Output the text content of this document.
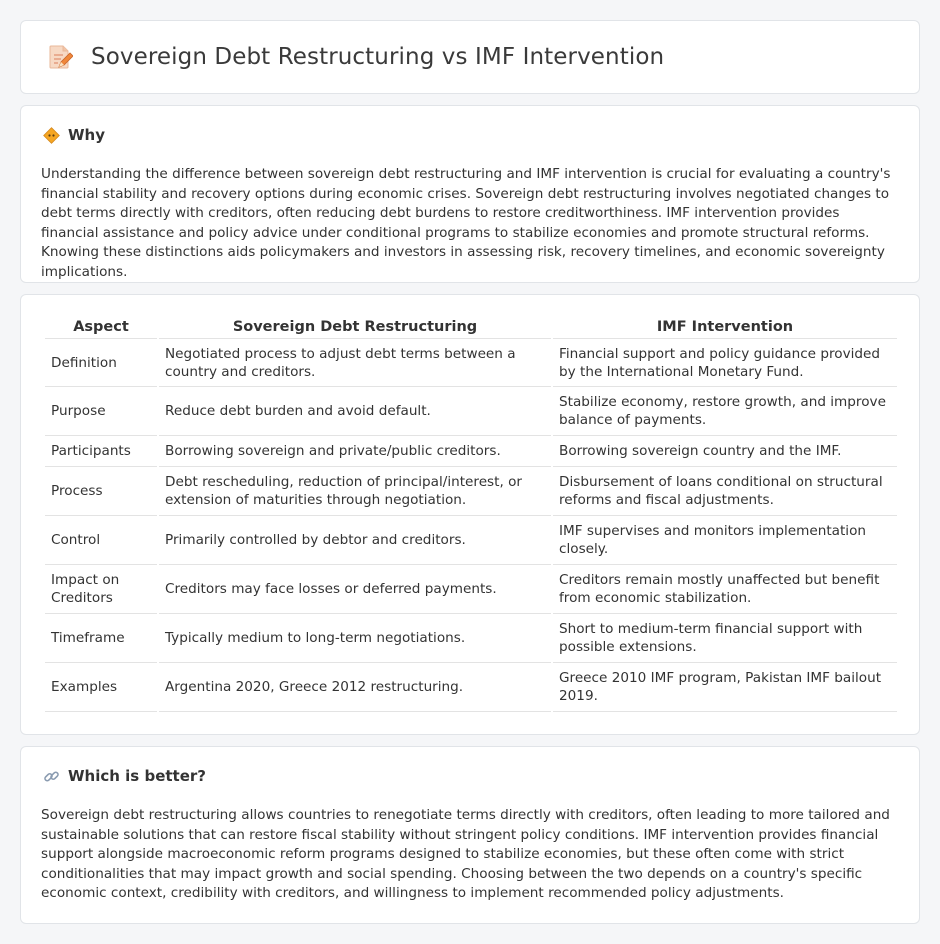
Sovereign Debt Restructuring vs IMF Intervention
Why

Understanding the difference between sovereign debt restructuring and IMF intervention is crucial for evaluating a country's financial stability and recovery options during economic crises. Sovereign debt restructuring involves negotiated changes to debt terms directly with creditors, often reducing debt burdens to restore creditworthiness. IMF intervention provides financial assistance and policy advice under conditional programs to stabilize economies and promote structural reforms. Knowing these distinctions aids policymakers and investors in assessing risk, recovery timelines, and economic sovereignty implications.

Aspect	Sovereign Debt Restructuring	IMF Intervention
Definition	Negotiated process to adjust debt terms between a country and creditors.	Financial support and policy guidance provided by the International Monetary Fund.
Purpose	Reduce debt burden and avoid default.	Stabilize economy, restore growth, and improve balance of payments.
Participants	Borrowing sovereign and private/public creditors.	Borrowing sovereign country and the IMF.
Process	Debt rescheduling, reduction of principal/interest, or extension of maturities through negotiation.	Disbursement of loans conditional on structural reforms and fiscal adjustments.
Control	Primarily controlled by debtor and creditors.	IMF supervises and monitors implementation closely.
Impact on Creditors	Creditors may face losses or deferred payments.	Creditors remain mostly unaffected but benefit from economic stabilization.
Timeframe	Typically medium to long-term negotiations.	Short to medium-term financial support with possible extensions.
Examples	Argentina 2020, Greece 2012 restructuring.	Greece 2010 IMF program, Pakistan IMF bailout 2019.
Which is better?

Sovereign debt restructuring allows countries to renegotiate terms directly with creditors, often leading to more tailored and sustainable solutions that can restore fiscal stability without stringent policy conditions. IMF intervention provides financial support alongside macroeconomic reform programs designed to stabilize economies, but these often come with strict conditionalities that may impact growth and social spending. Choosing between the two depends on a country's specific economic context, credibility with creditors, and willingness to implement recommended policy adjustments.
